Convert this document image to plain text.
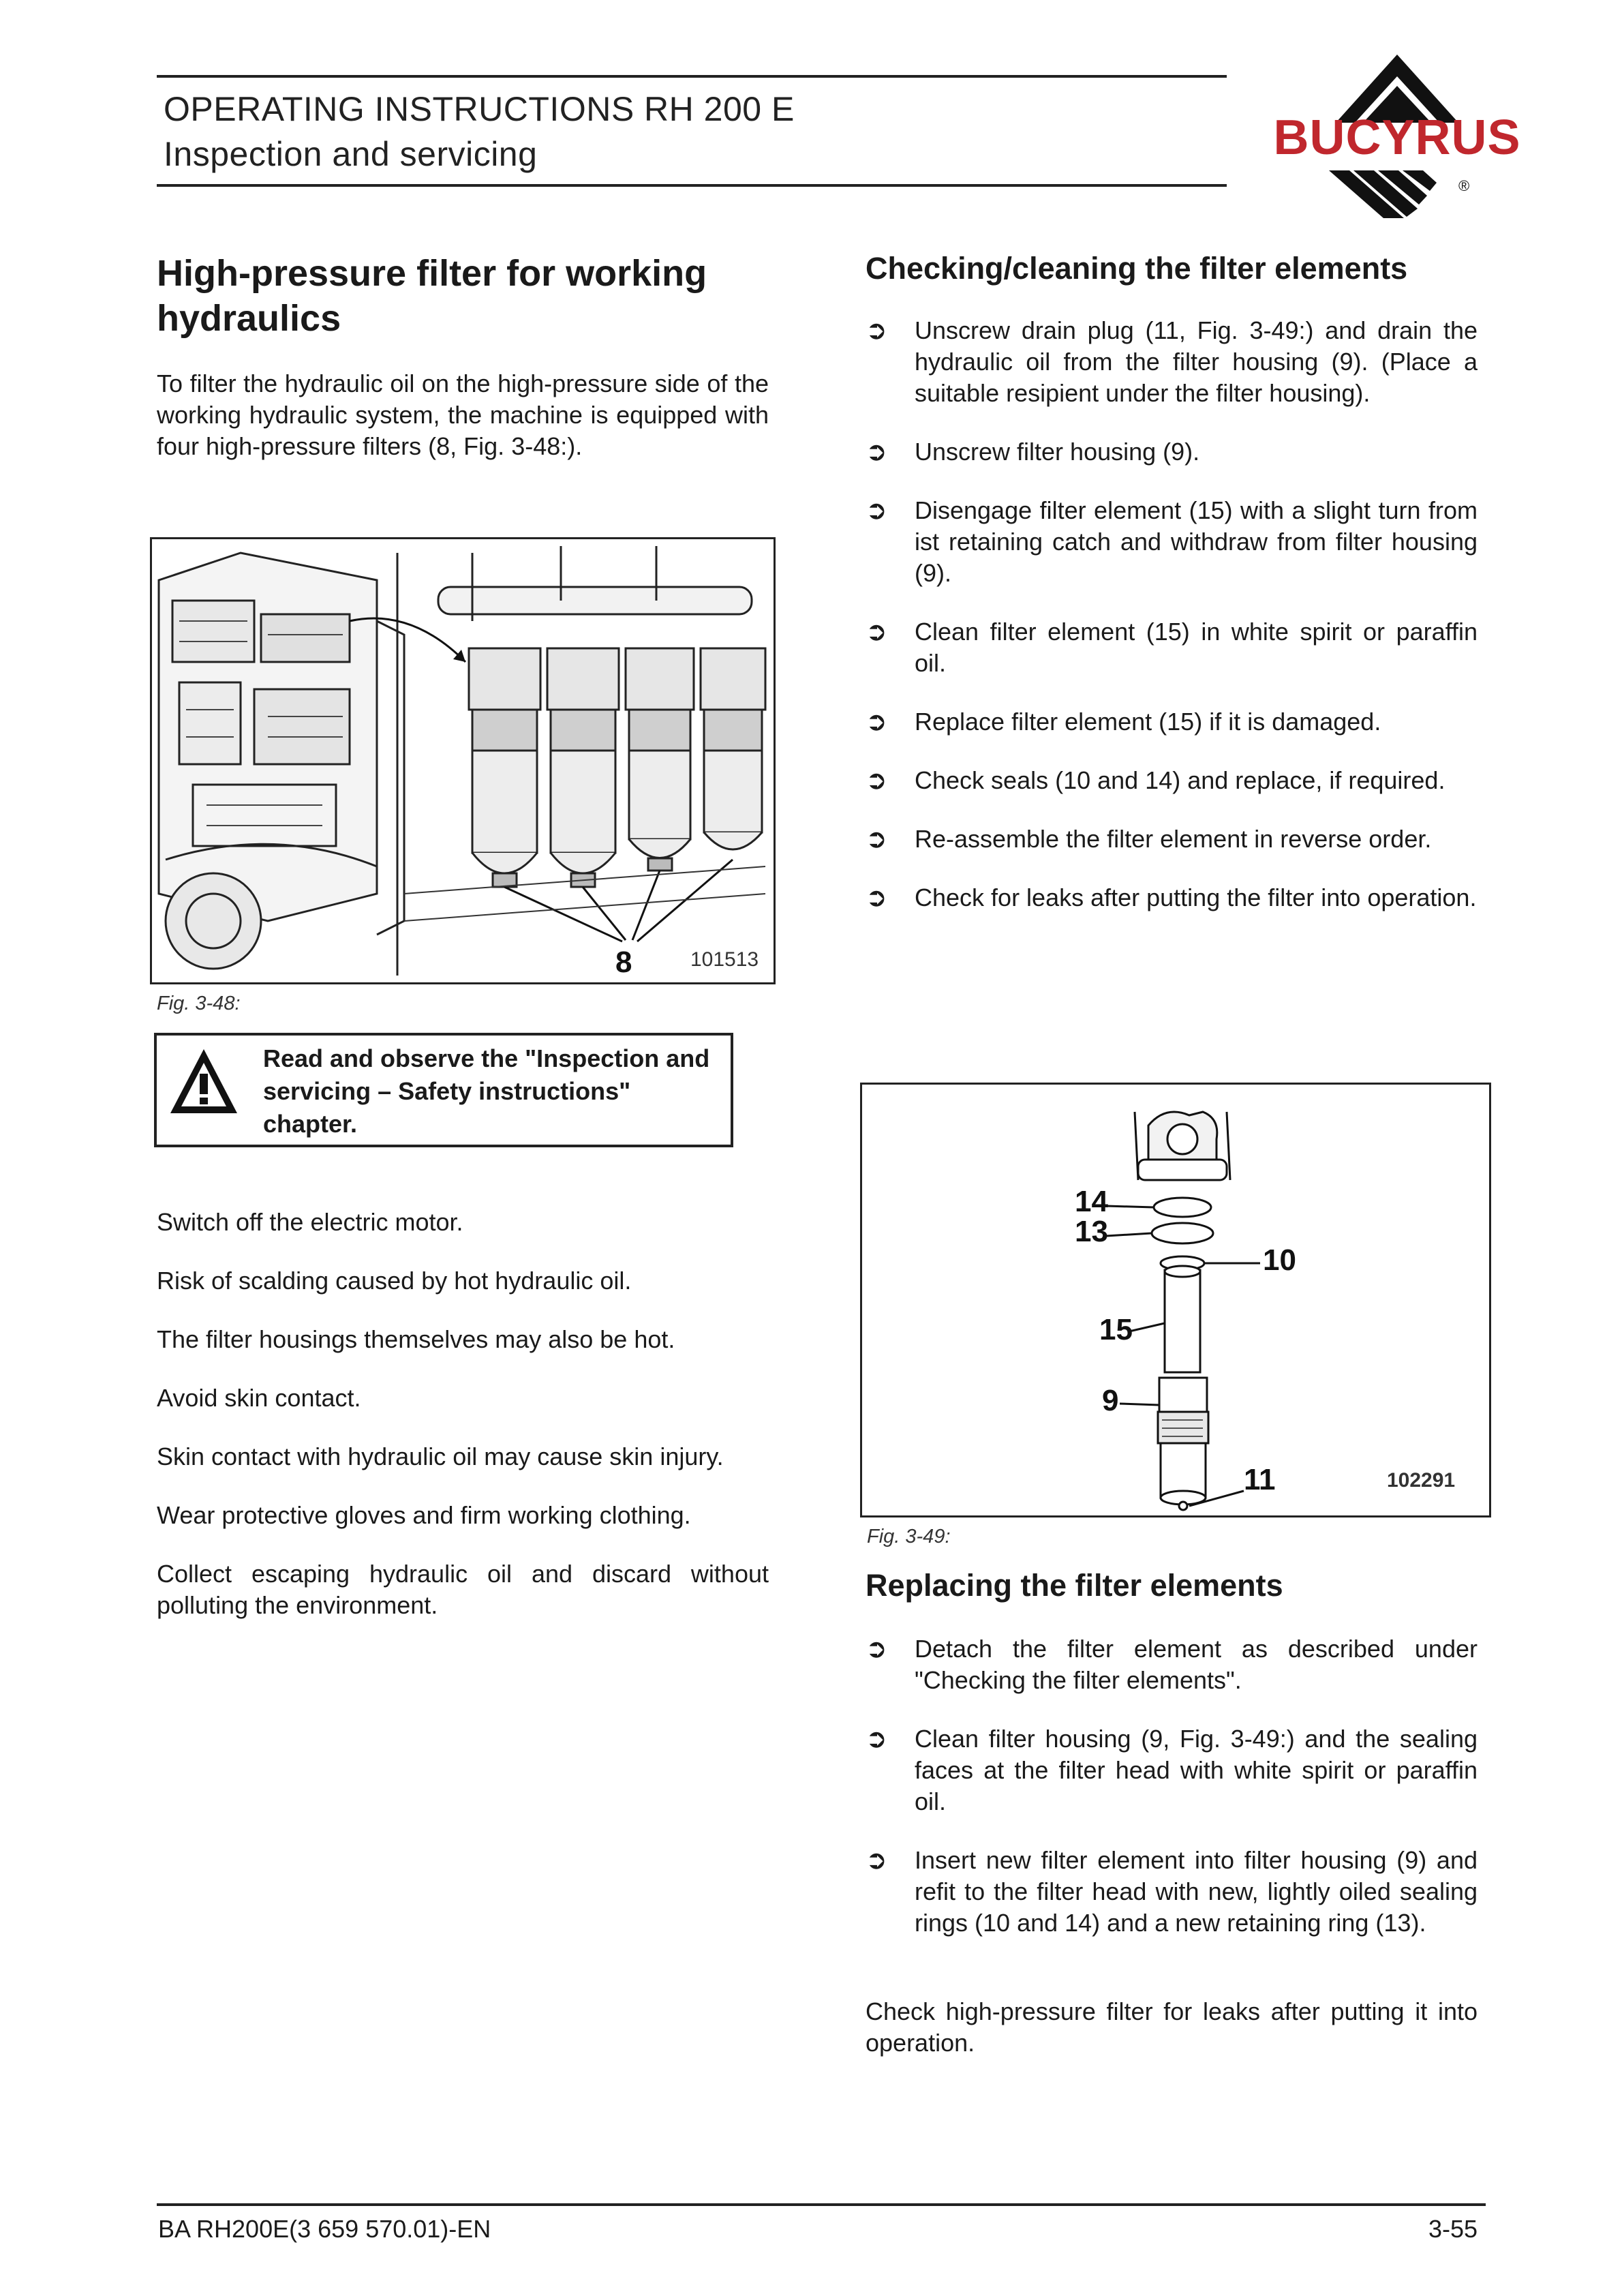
OPERATING INSTRUCTIONS RH 200 E
Inspection and servicing	BUCYRUS
®
High-pressure filter for working hydraulics
To filter the hydraulic oil on the high-pressure side of the working hydraulic system, the machine is equipped with four high-pressure filters (8, Fig. 3-48:).
8	101513
Fig. 3-48:
Read and observe the "Inspection and servicing – Safety instructions" chapter.
Switch off the electric motor.
Risk of scalding caused by hot hydraulic oil.
The filter housings themselves may also be hot.
Avoid skin contact.
Skin contact with hydraulic oil may cause skin injury.
Wear protective gloves and firm working clothing.
Collect escaping hydraulic oil and discard without polluting the environment.
Checking/cleaning the filter elements
➲ Unscrew drain plug (11, Fig. 3-49:) and drain the hydraulic oil from the filter housing (9). (Place a suitable resipient under the filter housing).
➲ Unscrew filter housing (9).
➲ Disengage filter element (15) with a slight turn from ist retaining catch and withdraw from filter housing (9).
➲ Clean filter element (15) in white spirit or paraffin oil.
➲ Replace filter element (15) if it is damaged.
➲ Check seals (10 and 14) and replace, if required.
➲ Re-assemble the filter element in reverse order.
➲ Check for leaks after putting the filter into operation.
14
13
10
15
9
11	102291
Fig. 3-49:
Replacing the filter elements
➲ Detach the filter element as described under "Checking the filter elements".
➲ Clean filter housing (9, Fig. 3-49:) and the sealing faces at the filter head with white spirit or paraffin oil.
➲ Insert new filter element into filter housing (9) and refit to the filter head with new, lightly oiled sealing rings (10 and 14) and a new retaining ring (13).
Check high-pressure filter for leaks after putting it into operation.
BA RH200E(3 659 570.01)-EN	3-55
